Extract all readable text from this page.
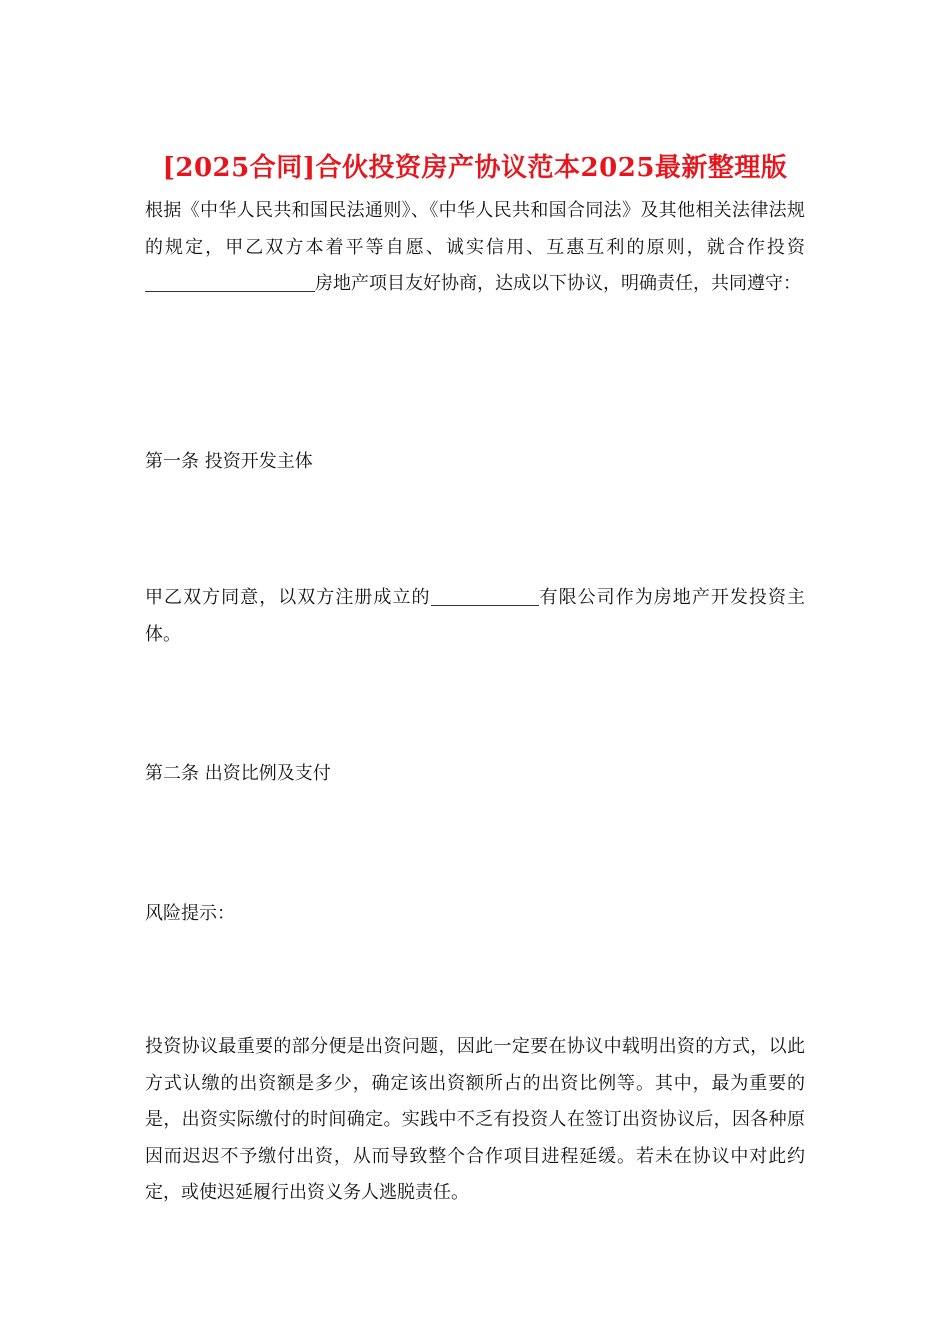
[2025合同]合伙投资房产协议范本2025最新整理版

根据《中华人民共和国民法通则》、《中华人民共和国合同法》及其他相关法律法规的规定，甲乙双方本着平等自愿、诚实信用、互惠互利的原则，就合作投资房地产项目友好协商，达成以下协议，明确责任，共同遵守：

第一条 投资开发主体

甲乙双方同意，以双方注册成立的	有限公司作为房地产开发投资主体。

第二条 出资比例及支付

风险提示：

投资协议最重要的部分便是出资问题，因此一定要在协议中载明出资的方式，以此方式认缴的出资额是多少，确定该出资额所占的出资比例等。其中，最为重要的是，出资实际缴付的时间确定。实践中不乏有投资人在签订出资协议后，因各种原因而迟迟不予缴付出资，从而导致整个合作项目进程延缓。若未在协议中对此约定，或使迟延履行出资义务人逃脱责任。
